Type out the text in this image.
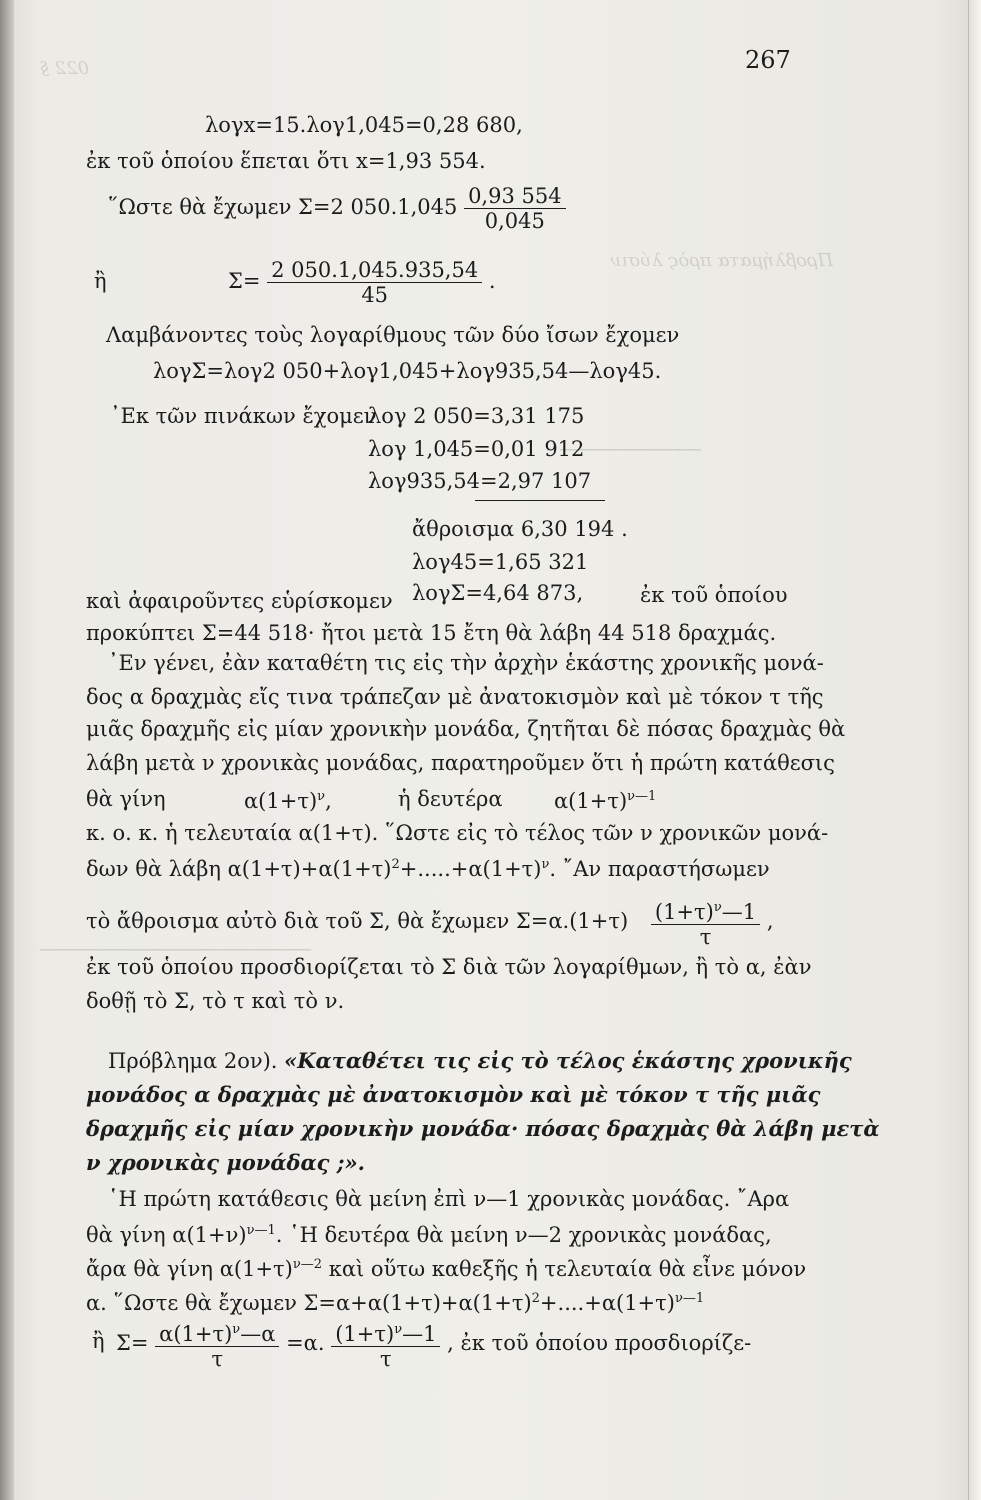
022 §
Προβλήματα πρὸς λύσιν
─────────────
─────────────────────────
267
λογx=15.λογ1,045=0,28 680,
ἐκ τοῦ ὁποίου ἕπεται ὅτι x=1,93 554.
῞Ωστε θὰ ἔχωμεν Σ=2 $050.1,045 \frac{0,93 554}{0,045}$
ἢ	$\Sigma= \frac{2 050.1,045.935,54}{45}$ .
Λαμβάνοντες τοὺς λογαρίθμους τῶν δύο ἴσων ἔχομεν
λογΣ=λογ2 050+λογ1,045+λογ935,54—λογ45.
᾿Εκ τῶν πινάκων ἔχομεν
λογ 2 050=3,31 175
λογ 1,045=0,01 912
λογ935,54=2,97 107
ἄθροισμα 6,30 194 .
λογ45=1,65 321
καὶ ἀφαιροῦντες εὑρίσκομεν λογΣ=4,64 873,	ἐκ τοῦ ὁποίου
προκύπτει Σ=44 518· ἤτοι μετὰ 15 ἔτη θὰ λάβη 44 518 δραχμάς.
᾿Εν γένει, ἐὰν καταθέτη τις εἰς τὴν ἀρχὴν ἑκάστης χρονικῆς μονά-
δος α δραχμὰς εἴς τινα τράπεζαν μὲ ἀνατοκισμὸν καὶ μὲ τόκον τ τῆς
μιᾶς δραχμῆς εἰς μίαν χρονικὴν μονάδα, ζητῆται δὲ πόσας δραχμὰς θὰ
λάβη μετὰ ν χρονικὰς μονάδας, παρατηροῦμεν ὅτι ἡ πρώτη κατάθεσις
θὰ γίνη	$\alpha(1+\tau)^\nu$,	ἡ δευτέρα $\alpha(1+\tau)^{\nu—1}$
κ. ο. κ. ἡ τελευταία α(1+τ). ῞Ωστε εἰς τὸ τέλος τῶν ν χρονικῶν μονά-
δων θὰ λάβη $\alpha(1+\tau)+\alpha(1+\tau)^2+.....+\alpha(1+\tau)^\nu$. ῎Αν παραστήσωμεν
τὸ ἄθροισμα αὐτὸ διὰ τοῦ Σ, θὰ ἔχωμεν $\Sigma=\alpha.(1+\tau) \frac{(1+\tau)^\nu—1}{\tau}$ ,
ἐκ τοῦ ὁποίου προσδιορίζεται τὸ Σ διὰ τῶν λογαρίθμων, ἢ τὸ α, ἐὰν
δοθῇ τὸ Σ, τὸ τ καὶ τὸ ν.
Πρόβλημα 2ον). «Καταθέτει τις εἰς τὸ τέλος ἑκάστης χρονικῆς
μονάδος α δραχμὰς μὲ ἀνατοκισμὸν καὶ μὲ τόκον τ τῆς μιᾶς
δραχμῆς εἰς μίαν χρονικὴν μονάδα· πόσας δραχμὰς θὰ λάβη μετὰ
ν χρονικὰς μονάδας ;».
῾Η πρώτη κατάθεσις θὰ μείνη ἐπὶ ν—1 χρονικὰς μονάδας. ῎Αρα
θὰ γίνη $\alpha(1+\nu)^{\nu—1}$. ῾Η δευτέρα θὰ μείνη ν—2 χρονικὰς μονάδας,
ἄρα θὰ γίνη $\alpha(1+\tau)^{\nu—2}$ καὶ οὕτω καθεξῆς ἡ τελευταία θὰ εἶνε μόνον
α. ῞Ωστε θὰ ἔχωμεν $\Sigma=\alpha+\alpha(1+\tau)+\alpha(1+\tau)^2+....+\alpha(1+\tau)^{\nu—1}$
ἢ $\Sigma= \frac{\alpha(1+\tau)^\nu—\alpha}{\tau} =\alpha$. $\frac{(1+\tau)^\nu—1}{\tau}$ , ἐκ τοῦ ὁποίου προσδιορίζε-
